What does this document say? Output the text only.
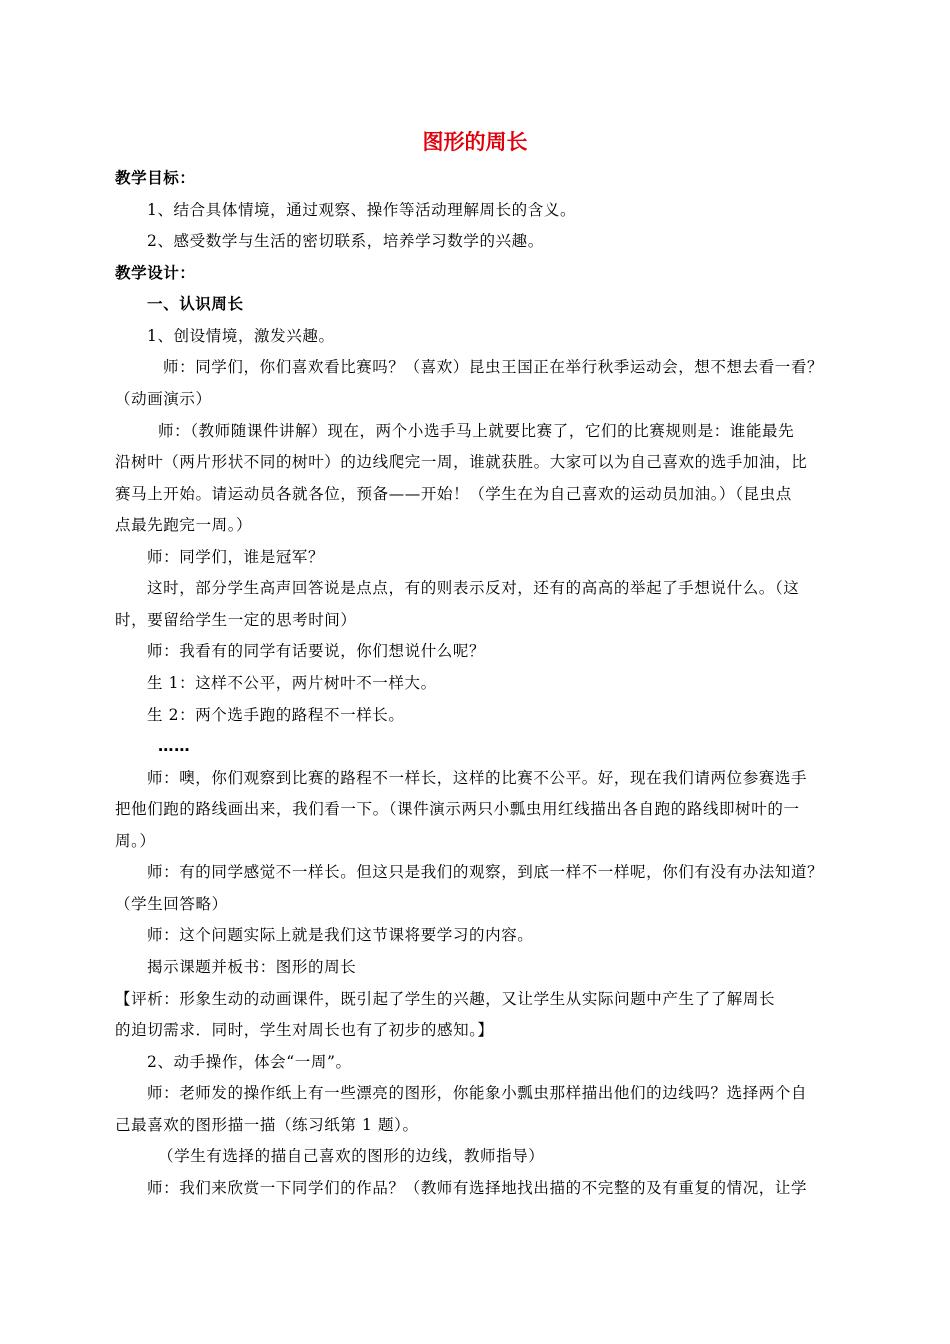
图形的周长
教学目标：
1、结合具体情境，通过观察、操作等活动理解周长的含义。
2、感受数学与生活的密切联系，培养学习数学的兴趣。
教学设计：
一、认识周长
1、创设情境，激发兴趣。
师：同学们，你们喜欢看比赛吗？（喜欢）昆虫王国正在举行秋季运动会，想不想去看一看？
（动画演示）
师：（教师随课件讲解）现在，两个小选手马上就要比赛了，它们的比赛规则是：谁能最先
沿树叶（两片形状不同的树叶）的边线爬完一周，谁就获胜。大家可以为自己喜欢的选手加油，比
赛马上开始。请运动员各就各位，预备——开始！（学生在为自己喜欢的运动员加油。）（昆虫点
点最先跑完一周。）
师：同学们，谁是冠军？
这时，部分学生高声回答说是点点，有的则表示反对，还有的高高的举起了手想说什么。（这
时，要留给学生一定的思考时间）
师：我看有的同学有话要说，你们想说什么呢？
生 1：这样不公平，两片树叶不一样大。
生 2：两个选手跑的路程不一样长。
……
师：噢，你们观察到比赛的路程不一样长，这样的比赛不公平。好，现在我们请两位参赛选手
把他们跑的路线画出来，我们看一下。（课件演示两只小瓢虫用红线描出各自跑的路线即树叶的一
周。）
师：有的同学感觉不一样长。但这只是我们的观察，到底一样不一样呢，你们有没有办法知道？
（学生回答略）
师：这个问题实际上就是我们这节课将要学习的内容。
揭示课题并板书：图形的周长
【评析：形象生动的动画课件，既引起了学生的兴趣，又让学生从实际问题中产生了了解周长
的迫切需求．同时，学生对周长也有了初步的感知。】
2、动手操作，体会“一周”。
师：老师发的操作纸上有一些漂亮的图形，你能象小瓢虫那样描出他们的边线吗？选择两个自
己最喜欢的图形描一描（练习纸第 1 题）。
（学生有选择的描自己喜欢的图形的边线，教师指导）
师：我们来欣赏一下同学们的作品？（教师有选择地找出描的不完整的及有重复的情况，让学
